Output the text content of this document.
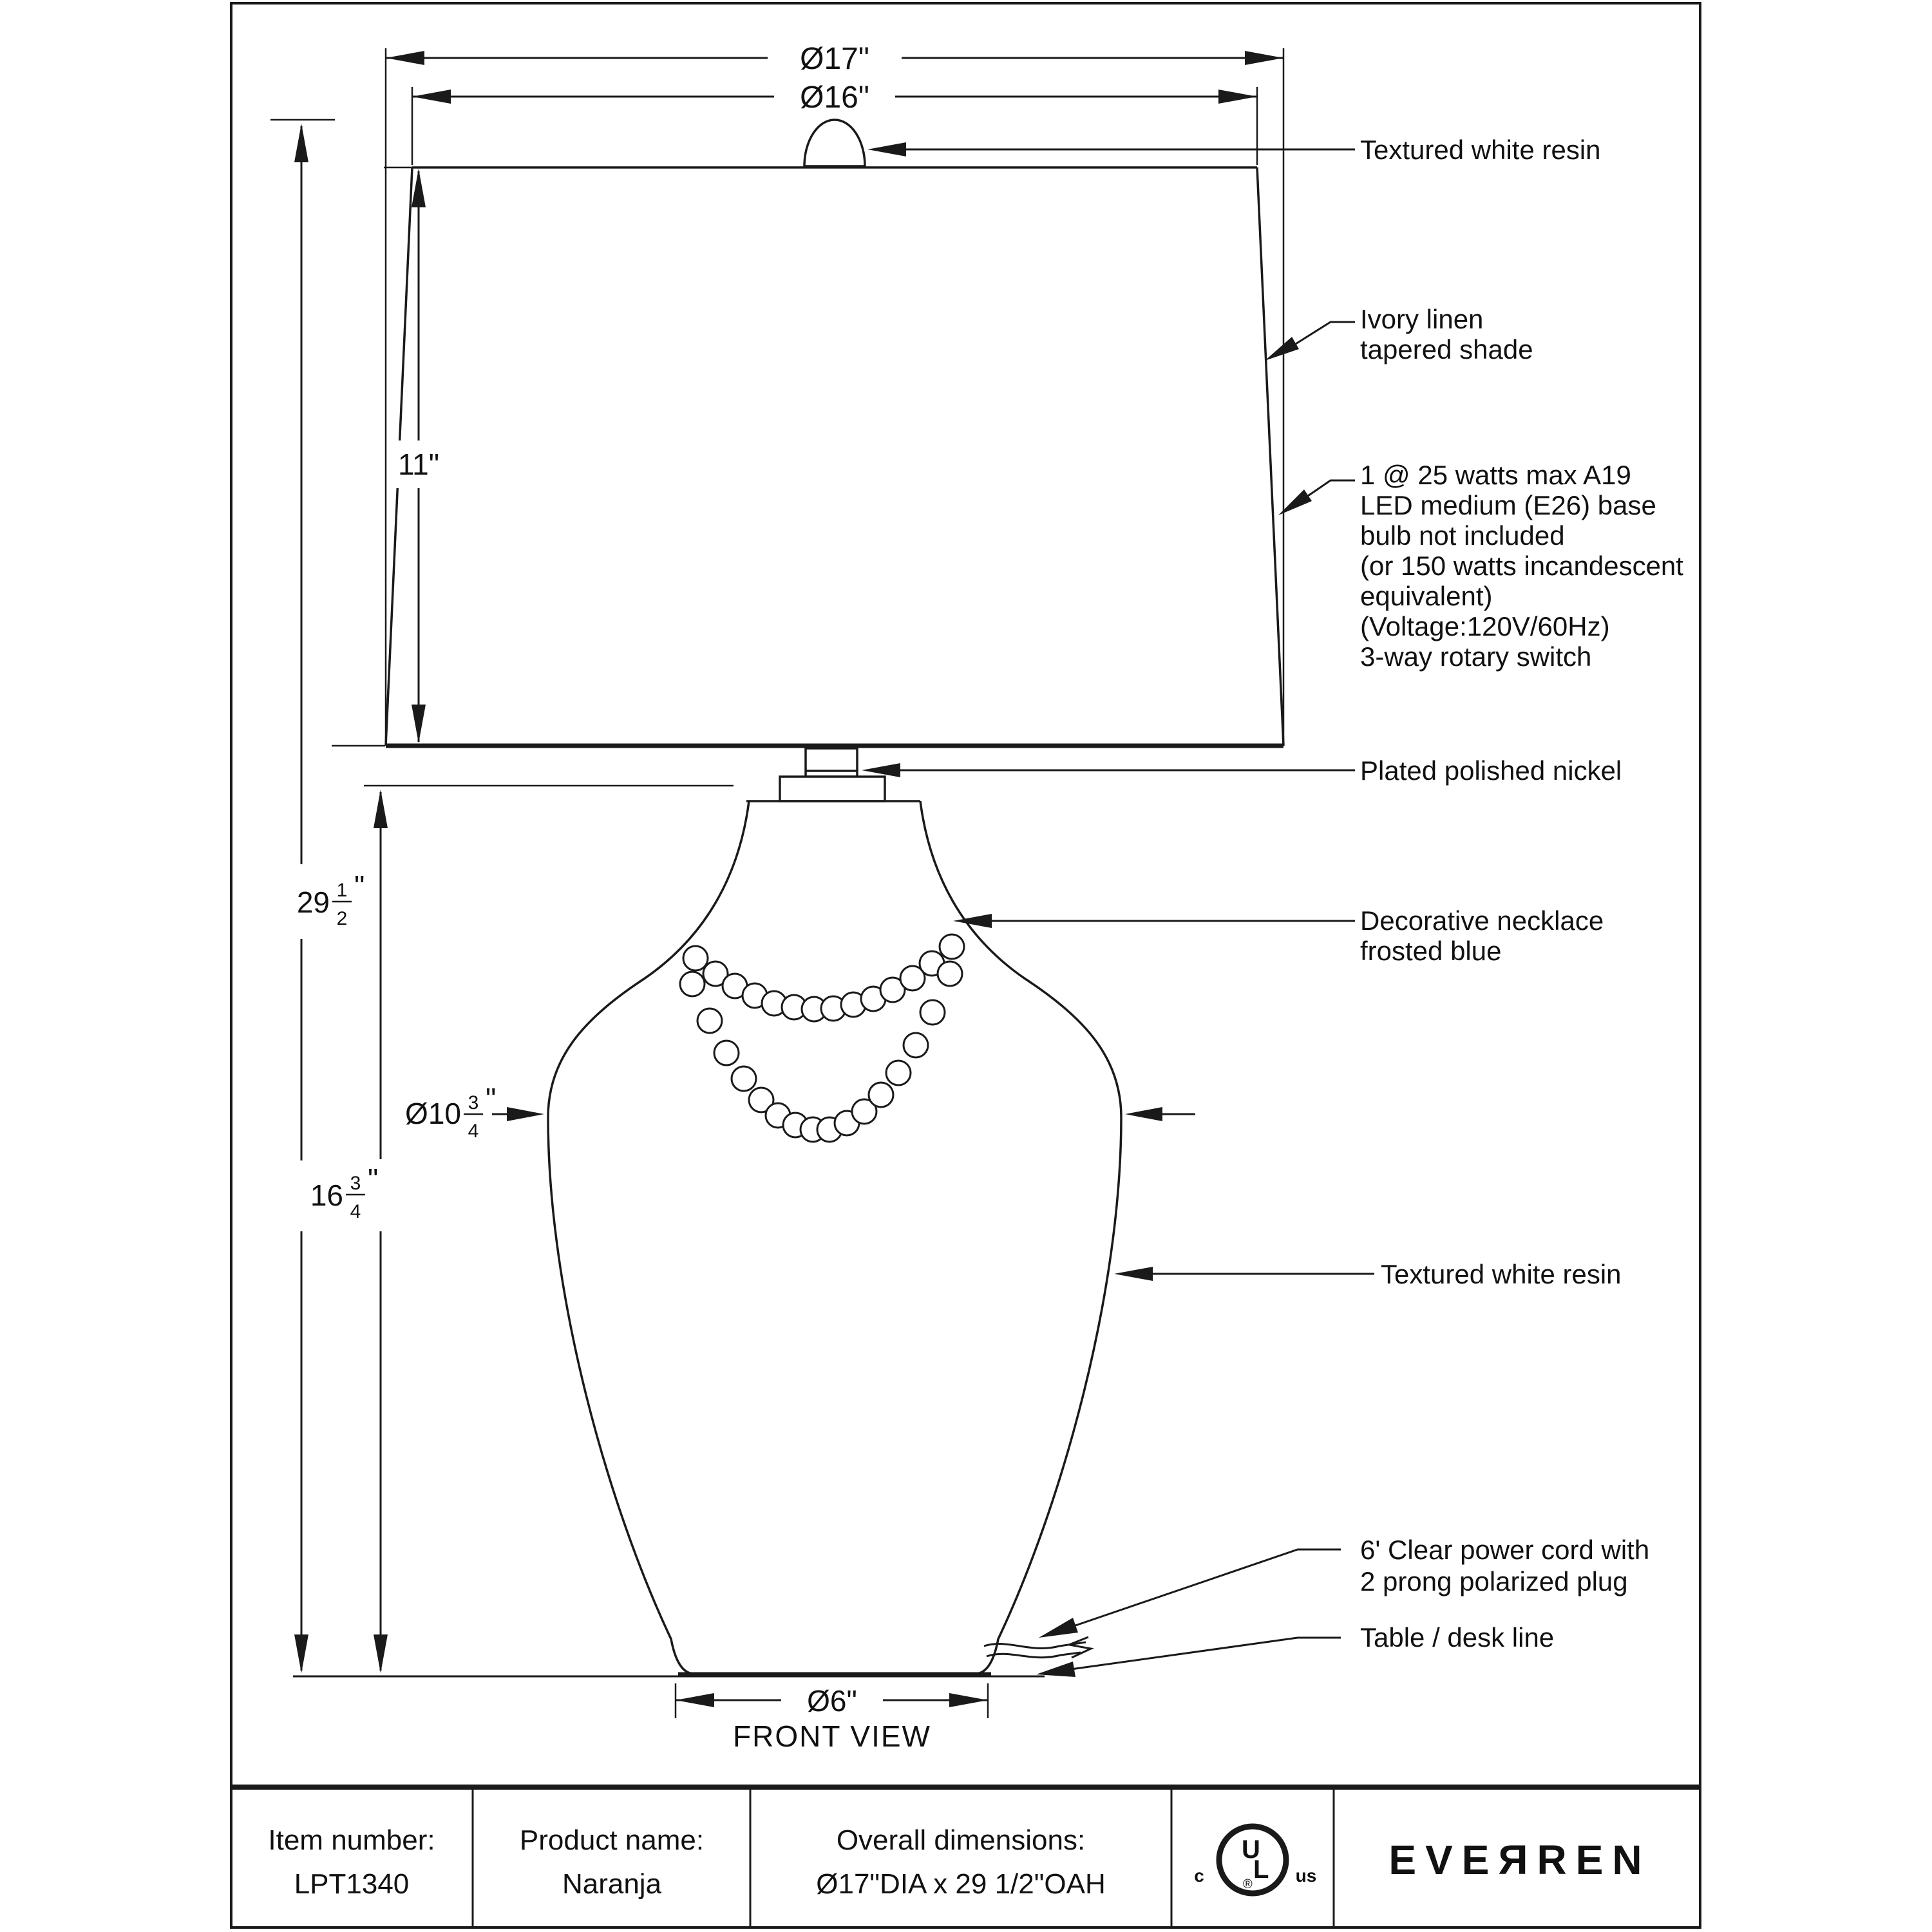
Ø17"
Ø16"
11"
29 1
2
"
16 3
4
"
Ø10 3
4
"
Ø6"
FRONT VIEW
Textured white resin
Ivory linen
tapered shade
1 @ 25 watts max A19
LED medium (E26) base
bulb not included
(or 150 watts incandescent
equivalent)
(Voltage:120V/60Hz)
3-way rotary switch
Plated polished nickel
Decorative necklace
frosted blue
Textured white resin
6' Clear power cord with
2 prong polarized plug
Table / desk line
Item number:
LPT1340
Product name:
Naranja
Overall dimensions:
Ø17"DIA x 29 1/2"OAH
U
L
®
c	us EVEЯREN
